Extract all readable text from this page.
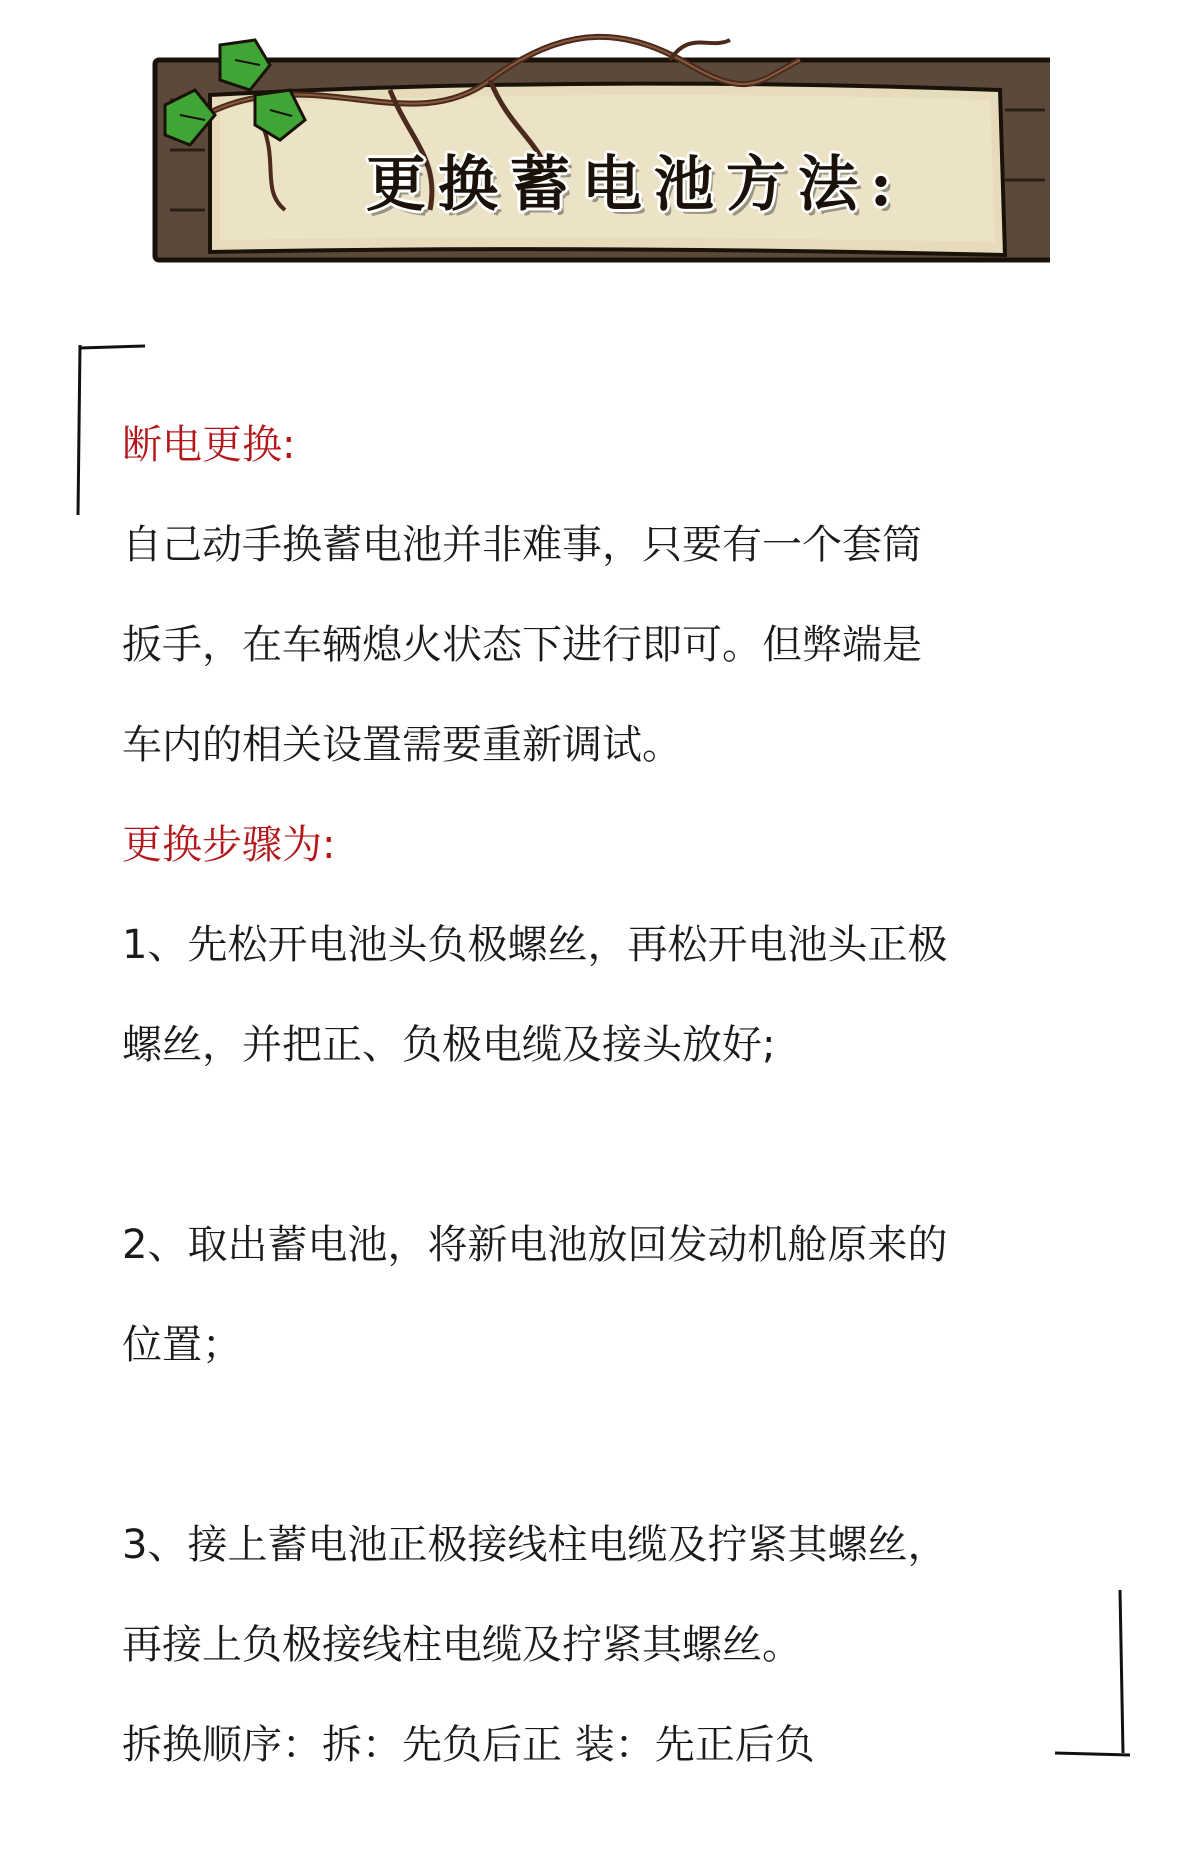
更换蓄电池方法:
断电更换:
自己动手换蓄电池并非难事，只要有一个套筒
扳手，在车辆熄火状态下进行即可。但弊端是
车内的相关设置需要重新调试。
更换步骤为:
1、先松开电池头负极螺丝，再松开电池头正极
螺丝，并把正、负极电缆及接头放好;
2、取出蓄电池，将新电池放回发动机舱原来的
位置；
3、接上蓄电池正极接线柱电缆及拧紧其螺丝，
再接上负极接线柱电缆及拧紧其螺丝。
拆换顺序：拆：先负后正 装：先正后负
